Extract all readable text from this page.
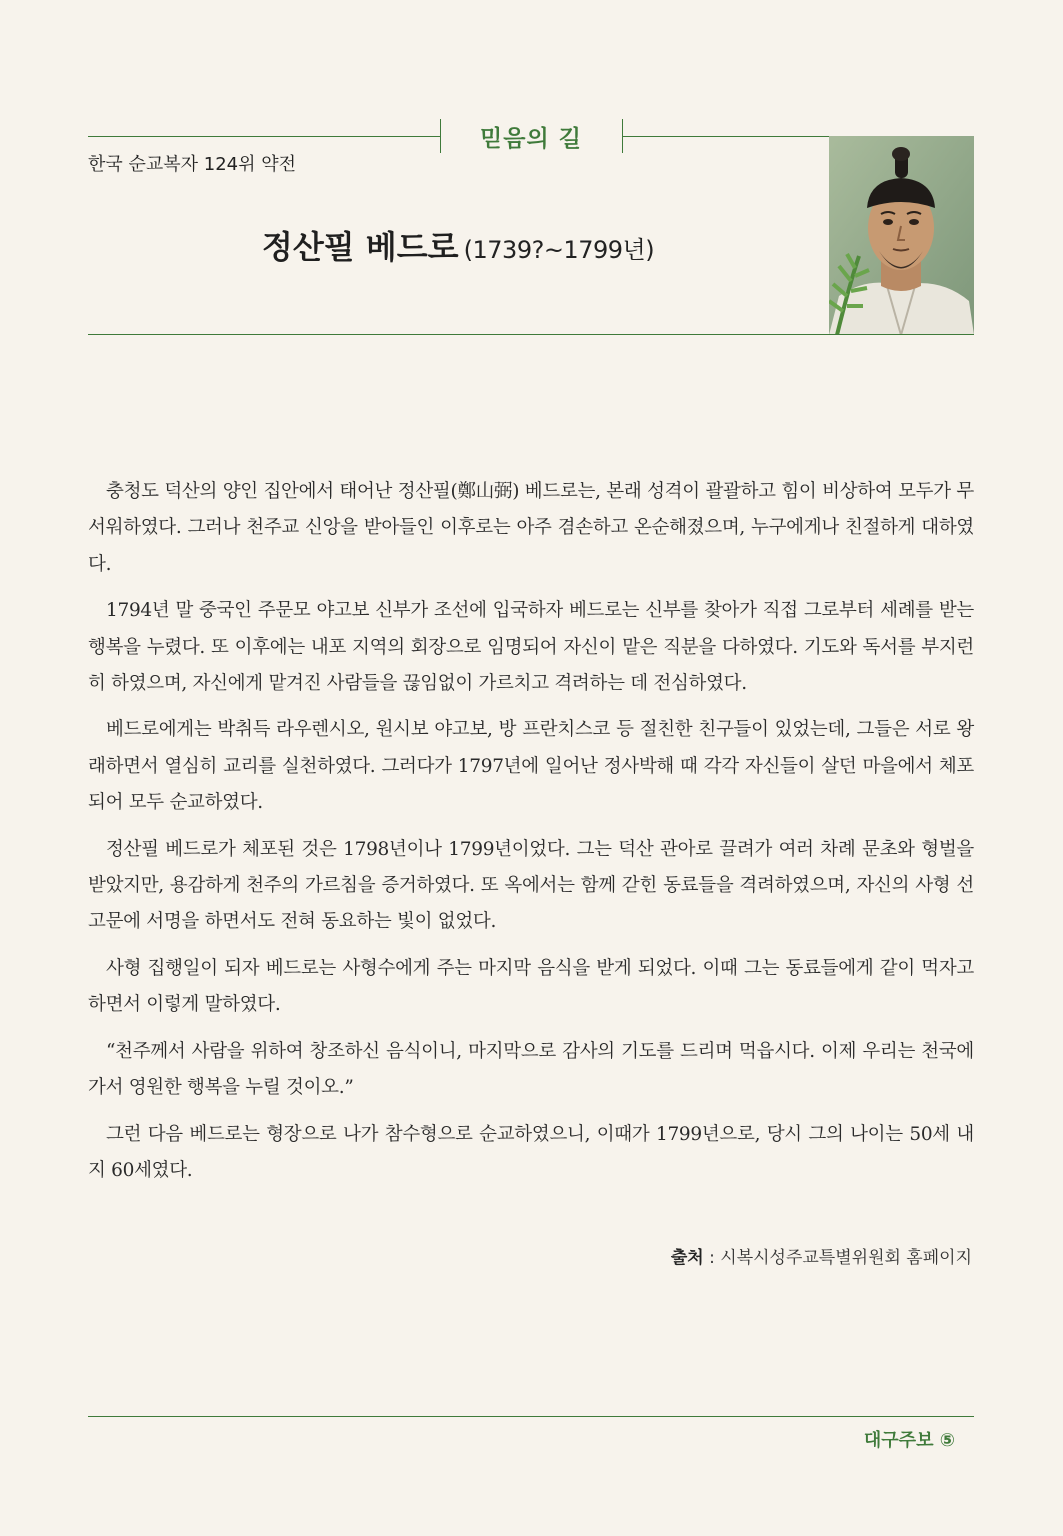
믿음의 길
한국 순교복자 124위 약전
정산필 베드로 (1739?~1799년)

충청도 덕산의 양인 집안에서 태어난 정산필(鄭山弼) 베드로는, 본래 성격이 괄괄하고 힘이 비상하여 모두가 무서워하였다. 그러나 천주교 신앙을 받아들인 이후로는 아주 겸손하고 온순해졌으며, 누구에게나 친절하게 대하였다.

1794년 말 중국인 주문모 야고보 신부가 조선에 입국하자 베드로는 신부를 찾아가 직접 그로부터 세례를 받는 행복을 누렸다. 또 이후에는 내포 지역의 회장으로 임명되어 자신이 맡은 직분을 다하였다. 기도와 독서를 부지런히 하였으며, 자신에게 맡겨진 사람들을 끊임없이 가르치고 격려하는 데 전심하였다.

베드로에게는 박취득 라우렌시오, 원시보 야고보, 방 프란치스코 등 절친한 친구들이 있었는데, 그들은 서로 왕래하면서 열심히 교리를 실천하였다. 그러다가 1797년에 일어난 정사박해 때 각각 자신들이 살던 마을에서 체포되어 모두 순교하였다.

정산필 베드로가 체포된 것은 1798년이나 1799년이었다. 그는 덕산 관아로 끌려가 여러 차례 문초와 형벌을 받았지만, 용감하게 천주의 가르침을 증거하였다. 또 옥에서는 함께 갇힌 동료들을 격려하였으며, 자신의 사형 선고문에 서명을 하면서도 전혀 동요하는 빛이 없었다.

사형 집행일이 되자 베드로는 사형수에게 주는 마지막 음식을 받게 되었다. 이때 그는 동료들에게 같이 먹자고 하면서 이렇게 말하였다.

“천주께서 사람을 위하여 창조하신 음식이니, 마지막으로 감사의 기도를 드리며 먹읍시다. 이제 우리는 천국에 가서 영원한 행복을 누릴 것이오.”

그런 다음 베드로는 형장으로 나가 참수형으로 순교하였으니, 이때가 1799년으로, 당시 그의 나이는 50세 내지 60세였다.

출처 : 시복시성주교특별위원회 홈페이지
대구주보 ⑤
